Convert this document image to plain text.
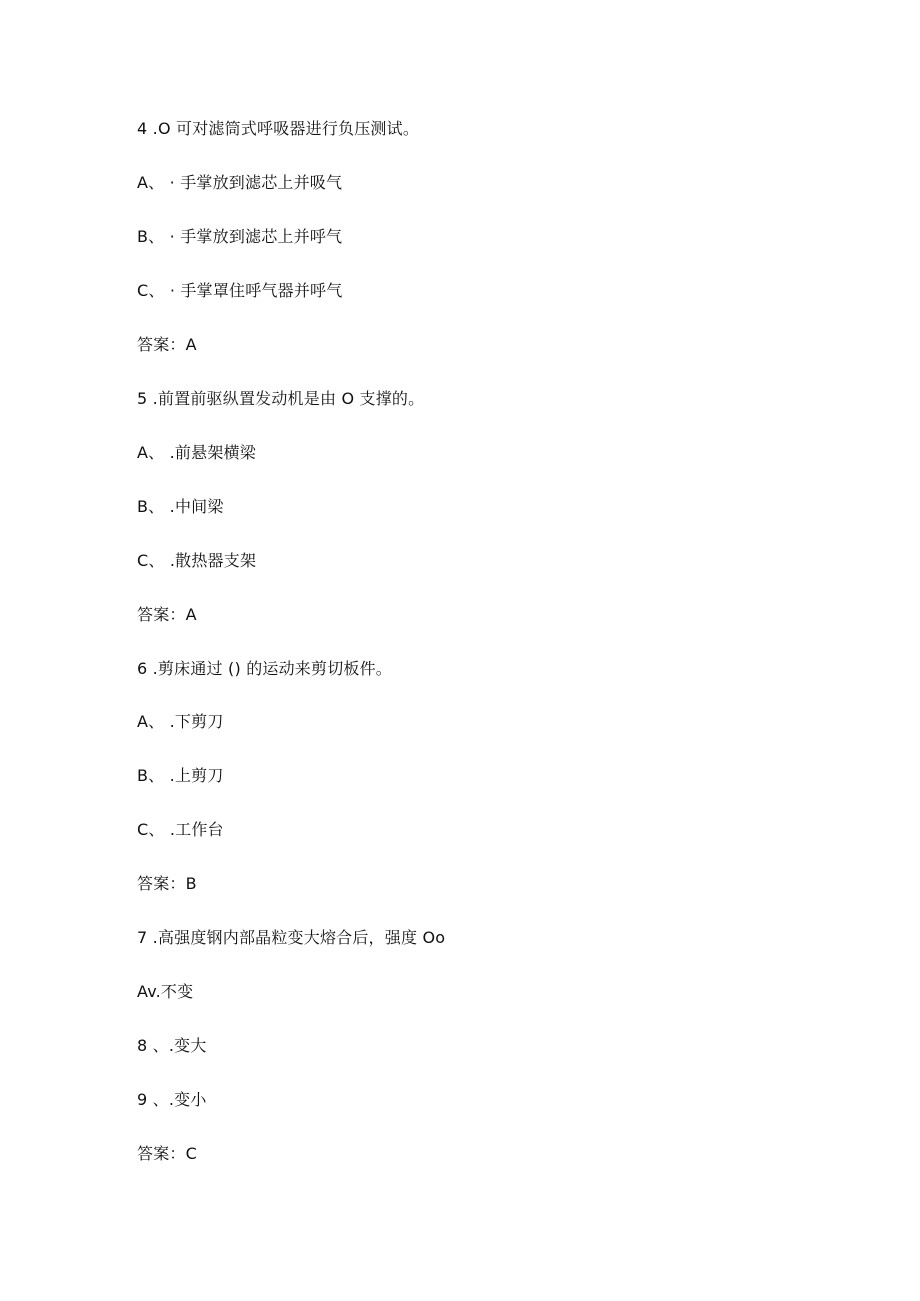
4 .O 可对滤筒式呼吸器进行负压测试。
A、 · 手掌放到滤芯上并吸气
B、 · 手掌放到滤芯上并呼气
C、 · 手掌罩住呼气器并呼气
答案：A
5 .前置前驱纵置发动机是由 O 支撑的。
A、 .前悬架横梁
B、 .中间梁
C、 .散热器支架
答案：A
6 .剪床通过 () 的运动来剪切板件。
A、 .下剪刀
B、 .上剪刀
C、 .工作台
答案：B
7 .高强度钢内部晶粒变大熔合后，强度 Oo
Av.不变
8 、.变大
9 、.变小
答案：C
